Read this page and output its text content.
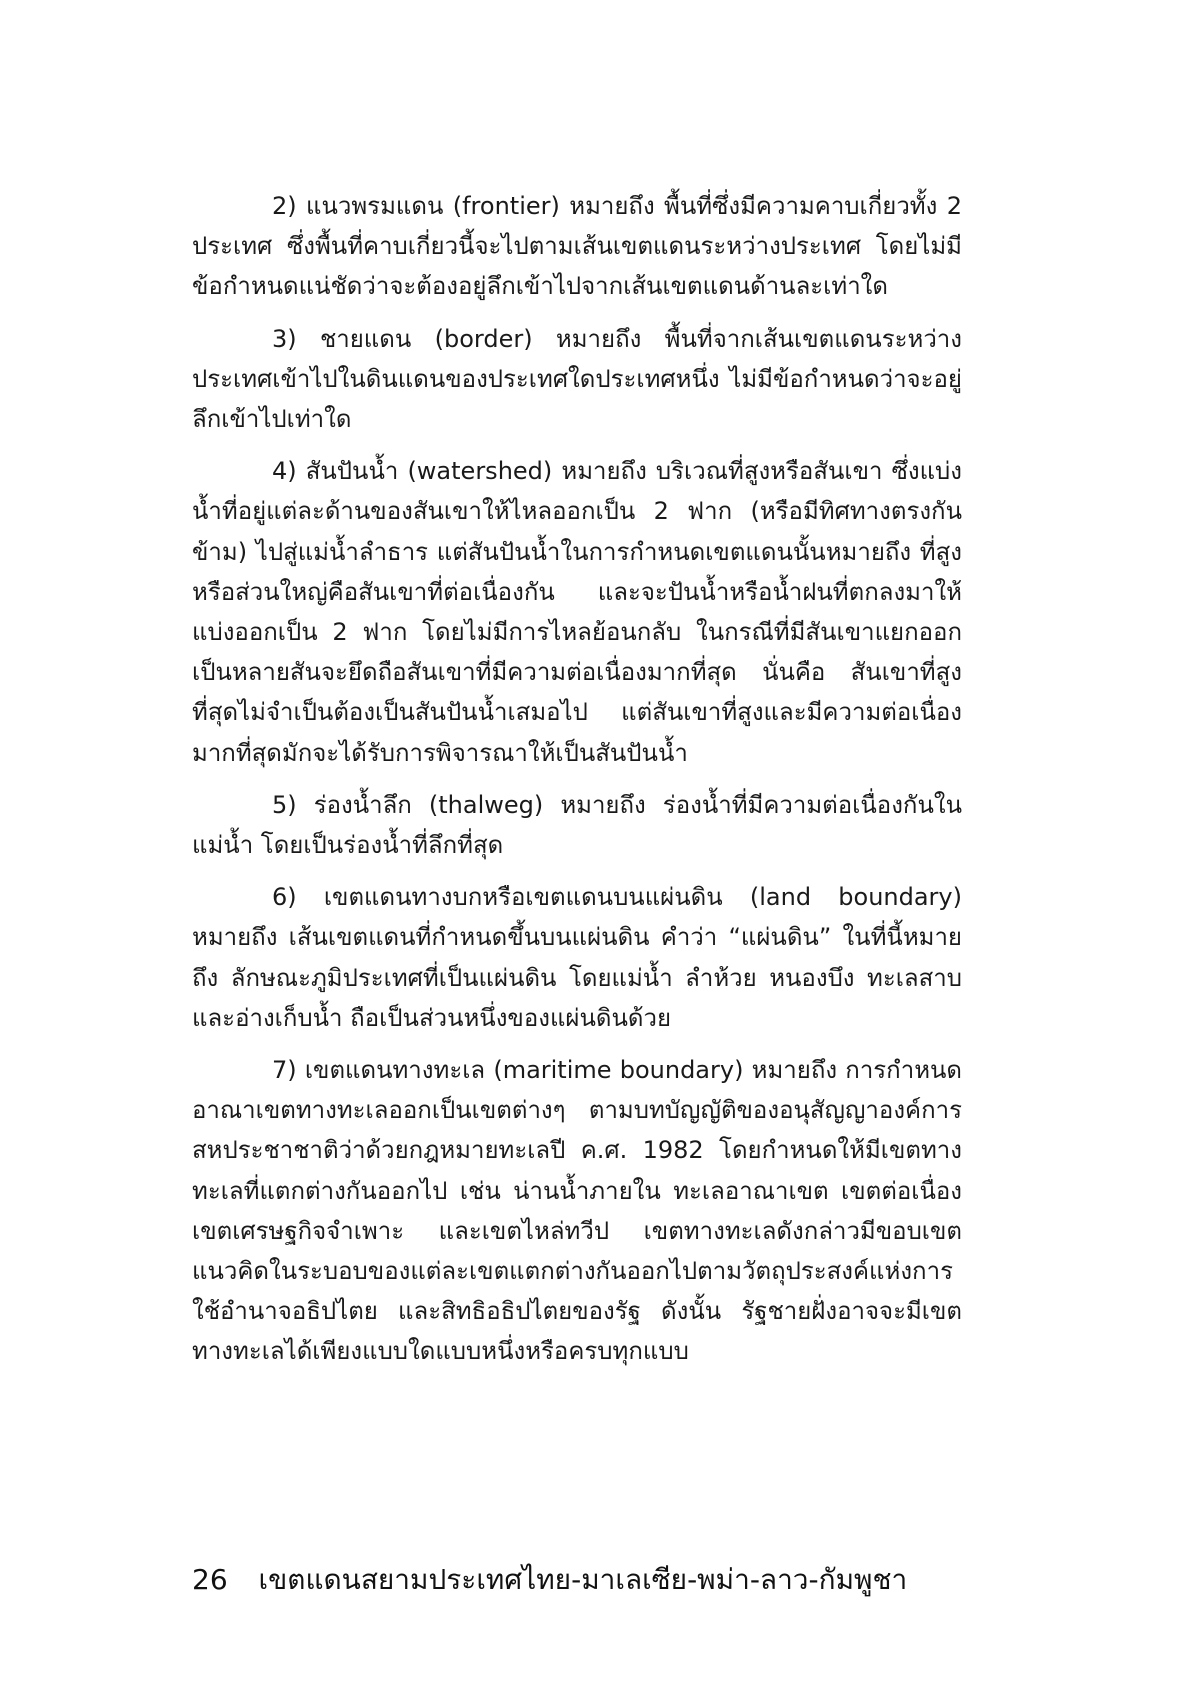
2) แนวพรมแดน (frontier) หมายถึง พื้นที่ซึ่งมีความคาบเกี่ยวทั้ง 2 ประเทศ ซึ่งพื้นที่คาบเกี่ยวนี้จะไปตามเส้นเขตแดนระหว่างประเทศ โดยไม่มีข้อกำหนดแน่ชัดว่าจะต้องอยู่ลึกเข้าไปจากเส้นเขตแดนด้านละเท่าใด

3) ชายแดน (border) หมายถึง พื้นที่จากเส้นเขตแดนระหว่างประเทศเข้าไปในดินแดนของประเทศใดประเทศหนึ่ง ไม่มีข้อกำหนดว่าจะอยู่ลึกเข้าไปเท่าใด

4) สันปันน้ำ (watershed) หมายถึง บริเวณที่สูงหรือสันเขา ซึ่งแบ่งน้ำที่อยู่แต่ละด้านของสันเขาให้ไหลออกเป็น 2 ฟาก (หรือมีทิศทางตรงกันข้าม) ไปสู่แม่น้ำลำธาร แต่สันปันน้ำในการกำหนดเขตแดนนั้นหมายถึง ที่สูง หรือส่วนใหญ่คือสันเขาที่ต่อเนื่องกัน และจะปันน้ำหรือน้ำฝนที่ตกลงมาให้แบ่งออกเป็น 2 ฟาก โดยไม่มีการไหลย้อนกลับ ในกรณีที่มีสันเขาแยกออกเป็นหลายสันจะยึดถือสันเขาที่มีความต่อเนื่องมากที่สุด นั่นคือ สันเขาที่สูงที่สุดไม่จำเป็นต้องเป็นสันปันน้ำเสมอไป แต่สันเขาที่สูงและมีความต่อเนื่องมากที่สุดมักจะได้รับการพิจารณาให้เป็นสันปันน้ำ

5) ร่องน้ำลึก (thalweg) หมายถึง ร่องน้ำที่มีความต่อเนื่องกันในแม่น้ำ โดยเป็นร่องน้ำที่ลึกที่สุด

6) เขตแดนทางบกหรือเขตแดนบนแผ่นดิน (land boundary) หมายถึง เส้นเขตแดนที่กำหนดขึ้นบนแผ่นดิน คำว่า “แผ่นดิน” ในที่นี้หมายถึง ลักษณะภูมิประเทศที่เป็นแผ่นดิน โดยแม่น้ำ ลำห้วย หนองบึง ทะเลสาบ และอ่างเก็บน้ำ ถือเป็นส่วนหนึ่งของแผ่นดินด้วย

7) เขตแดนทางทะเล (maritime boundary) หมายถึง การกำหนดอาณาเขตทางทะเลออกเป็นเขตต่างๆ ตามบทบัญญัติของอนุสัญญาองค์การสหประชาชาติว่าด้วยกฎหมายทะเลปี ค.ศ. 1982 โดยกำหนดให้มีเขตทางทะเลที่แตกต่างกันออกไป เช่น น่านน้ำภายใน ทะเลอาณาเขต เขตต่อเนื่อง เขตเศรษฐกิจจำเพาะ และเขตไหล่ทวีป เขตทางทะเลดังกล่าวมีขอบเขตแนวคิดในระบอบของแต่ละเขตแตกต่างกันออกไปตามวัตถุประสงค์แห่งการใช้อำนาจอธิปไตย และสิทธิอธิปไตยของรัฐ ดังนั้น รัฐชายฝั่งอาจจะมีเขตทางทะเลได้เพียงแบบใดแบบหนึ่งหรือครบทุกแบบ

26 เขตแดนสยามประเทศไทย-มาเลเซีย-พม่า-ลาว-กัมพูชา
